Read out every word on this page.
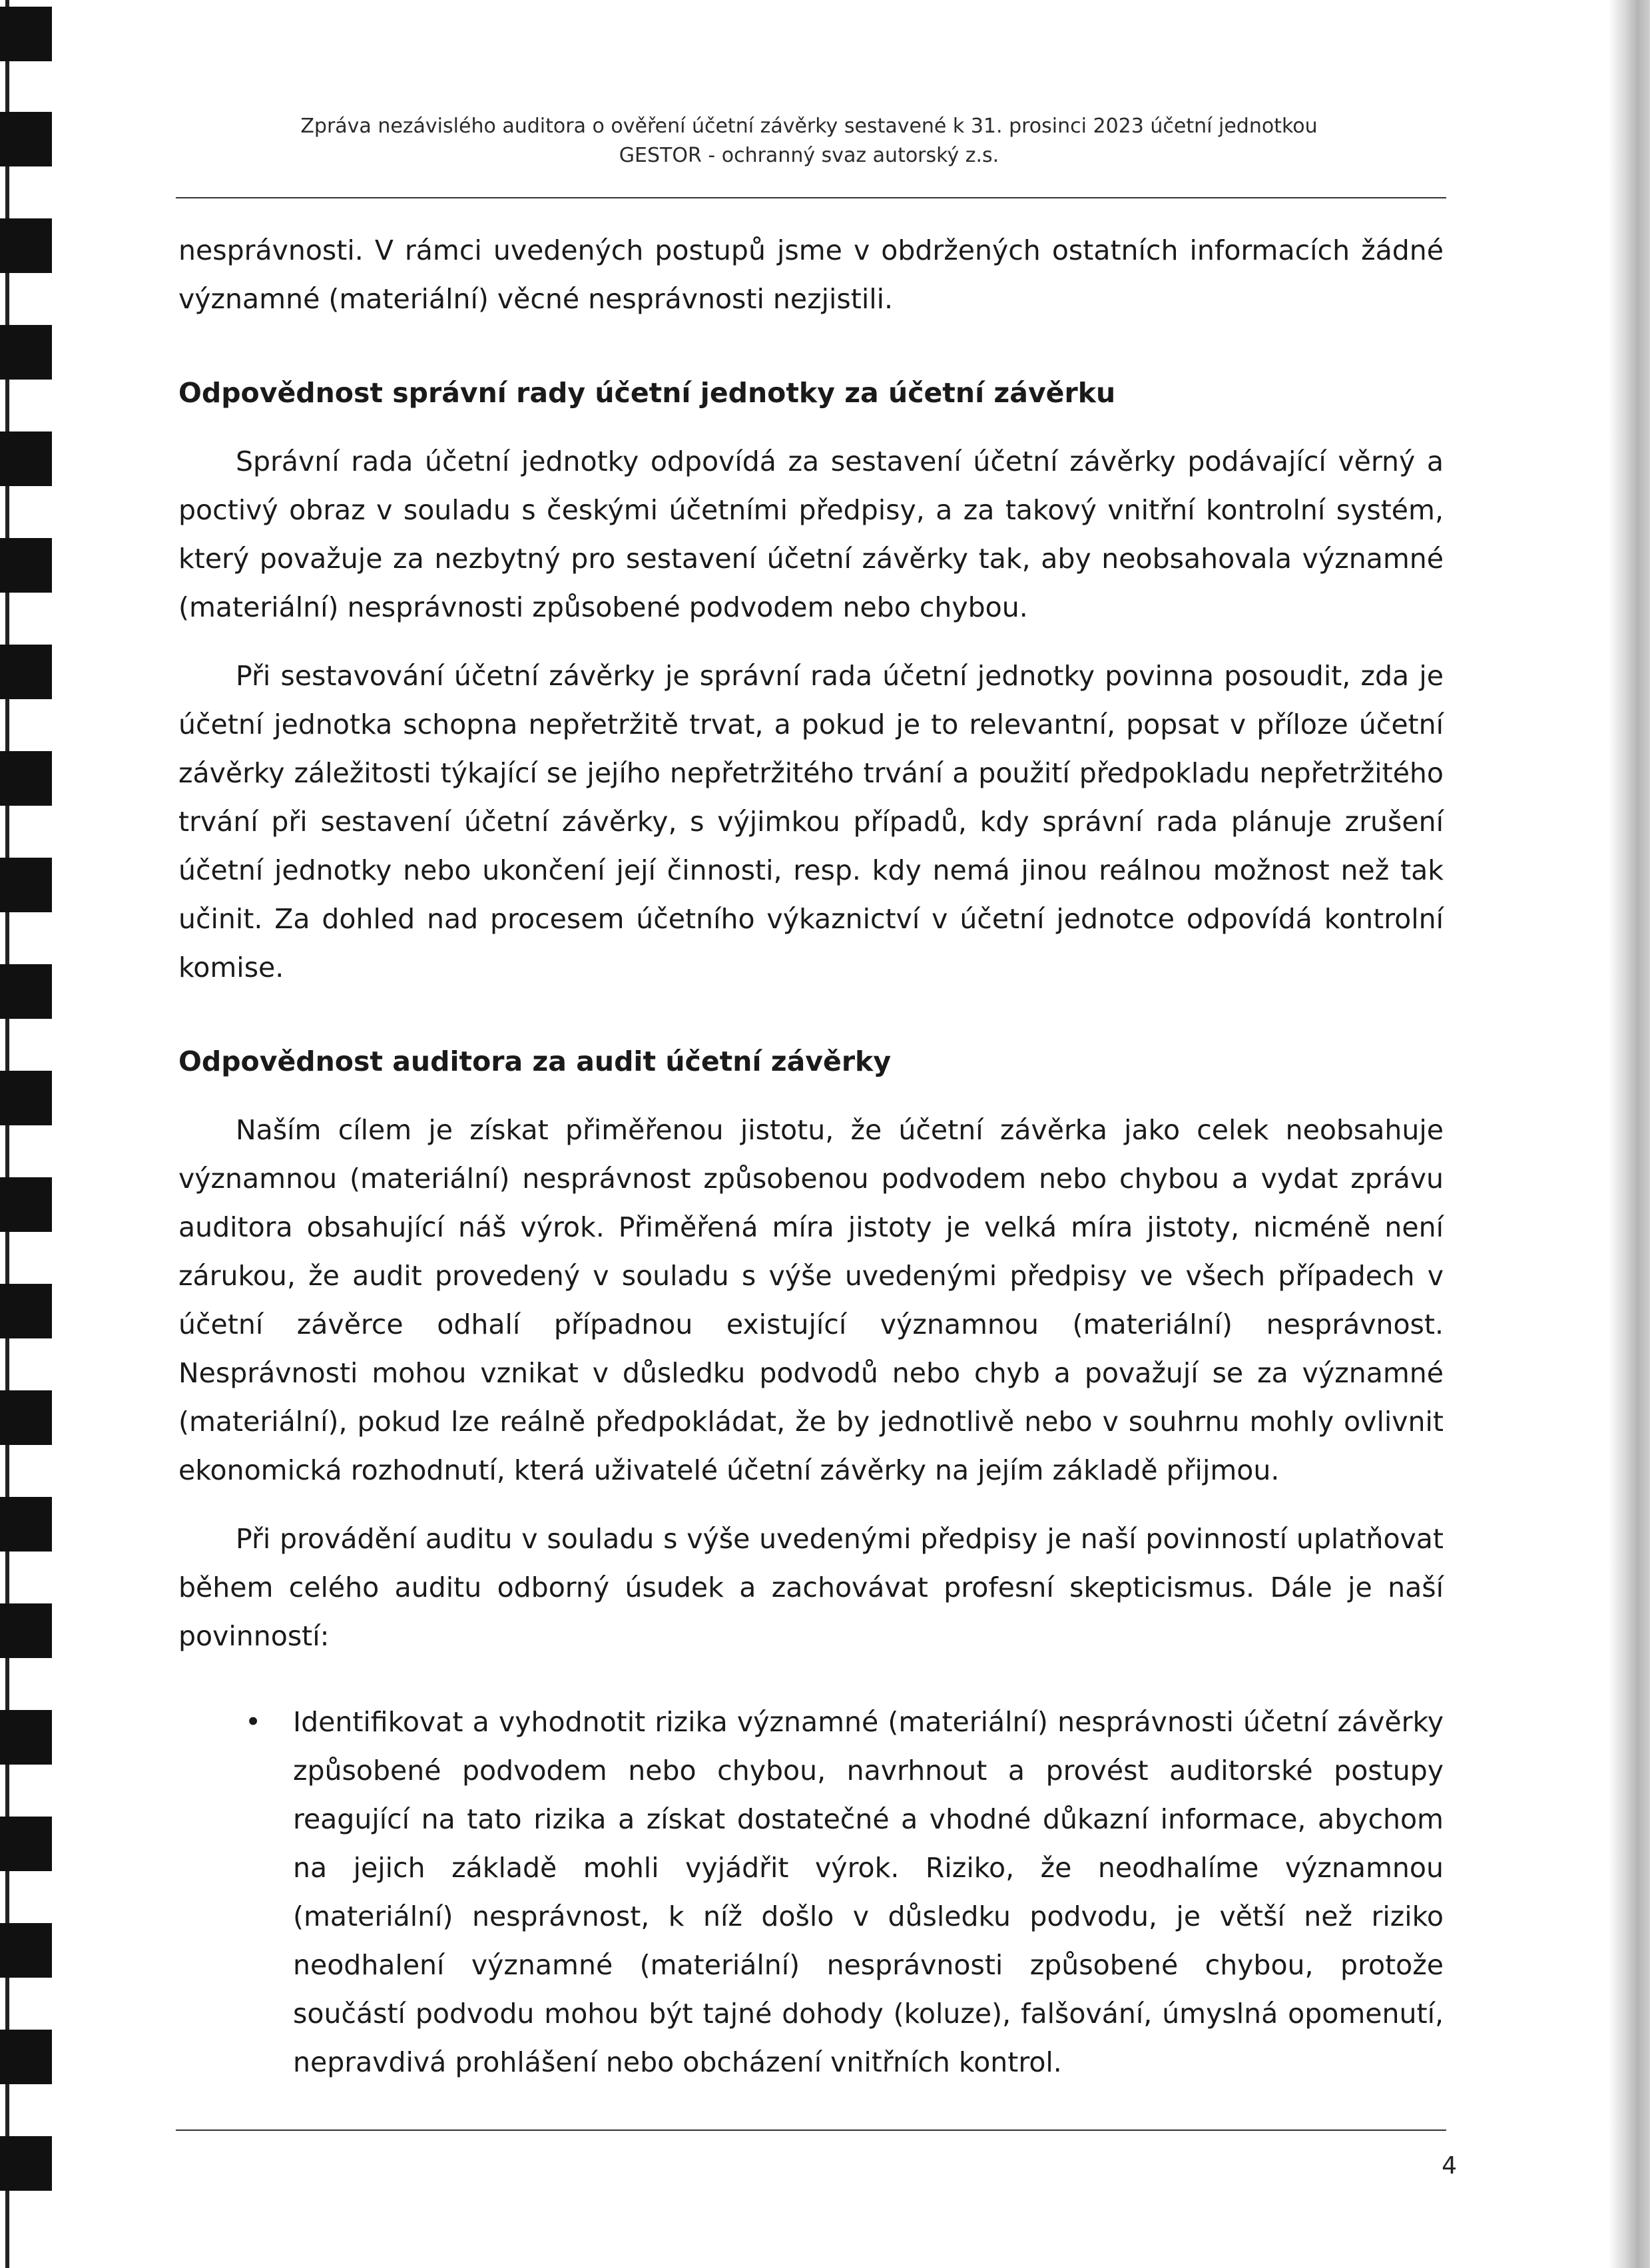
Zpráva nezávislého auditora o ověření účetní závěrky sestavené k 31. prosinci 2023 účetní jednotkou
GESTOR - ochranný svaz autorský z.s.

nesprávnosti. V rámci uvedených postupů jsme v obdržených ostatních informacích žádné významné (materiální) věcné nesprávnosti nezjistili.

Odpovědnost správní rady účetní jednotky za účetní závěrku

Správní rada účetní jednotky odpovídá za sestavení účetní závěrky podávající věrný a poctivý obraz v souladu s českými účetními předpisy, a za takový vnitřní kontrolní systém, který považuje za nezbytný pro sestavení účetní závěrky tak, aby neobsahovala významné (materiální) nesprávnosti způsobené podvodem nebo chybou.

Při sestavování účetní závěrky je správní rada účetní jednotky povinna posoudit, zda je účetní jednotka schopna nepřetržitě trvat, a pokud je to relevantní, popsat v příloze účetní závěrky záležitosti týkající se jejího nepřetržitého trvání a použití předpokladu nepřetržitého trvání při sestavení účetní závěrky, s výjimkou případů, kdy správní rada plánuje zrušení účetní jednotky nebo ukončení její činnosti, resp. kdy nemá jinou reálnou možnost než tak učinit. Za dohled nad procesem účetního výkaznictví v účetní jednotce odpovídá kontrolní komise.

Odpovědnost auditora za audit účetní závěrky

Naším cílem je získat přiměřenou jistotu, že účetní závěrka jako celek neobsahuje významnou (materiální) nesprávnost způsobenou podvodem nebo chybou a vydat zprávu auditora obsahující náš výrok. Přiměřená míra jistoty je velká míra jistoty, nicméně není zárukou, že audit provedený v souladu s výše uvedenými předpisy ve všech případech v účetní závěrce odhalí případnou existující významnou (materiální) nesprávnost. Nesprávnosti mohou vznikat v důsledku podvodů nebo chyb a považují se za významné (materiální), pokud lze reálně předpokládat, že by jednotlivě nebo v souhrnu mohly ovlivnit ekonomická rozhodnutí, která uživatelé účetní závěrky na jejím základě přijmou.

Při provádění auditu v souladu s výše uvedenými předpisy je naší povinností uplatňovat během celého auditu odborný úsudek a zachovávat profesní skepticismus. Dále je naší povinností:

• Identifikovat a vyhodnotit rizika významné (materiální) nesprávnosti účetní závěrky způsobené podvodem nebo chybou, navrhnout a provést auditorské postupy reagující na tato rizika a získat dostatečné a vhodné důkazní informace, abychom na jejich základě mohli vyjádřit výrok. Riziko, že neodhalíme významnou (materiální) nesprávnost, k níž došlo v důsledku podvodu, je větší než riziko neodhalení významné (materiální) nesprávnosti způsobené chybou, protože součástí podvodu mohou být tajné dohody (koluze), falšování, úmyslná opomenutí, nepravdivá prohlášení nebo obcházení vnitřních kontrol.
4
